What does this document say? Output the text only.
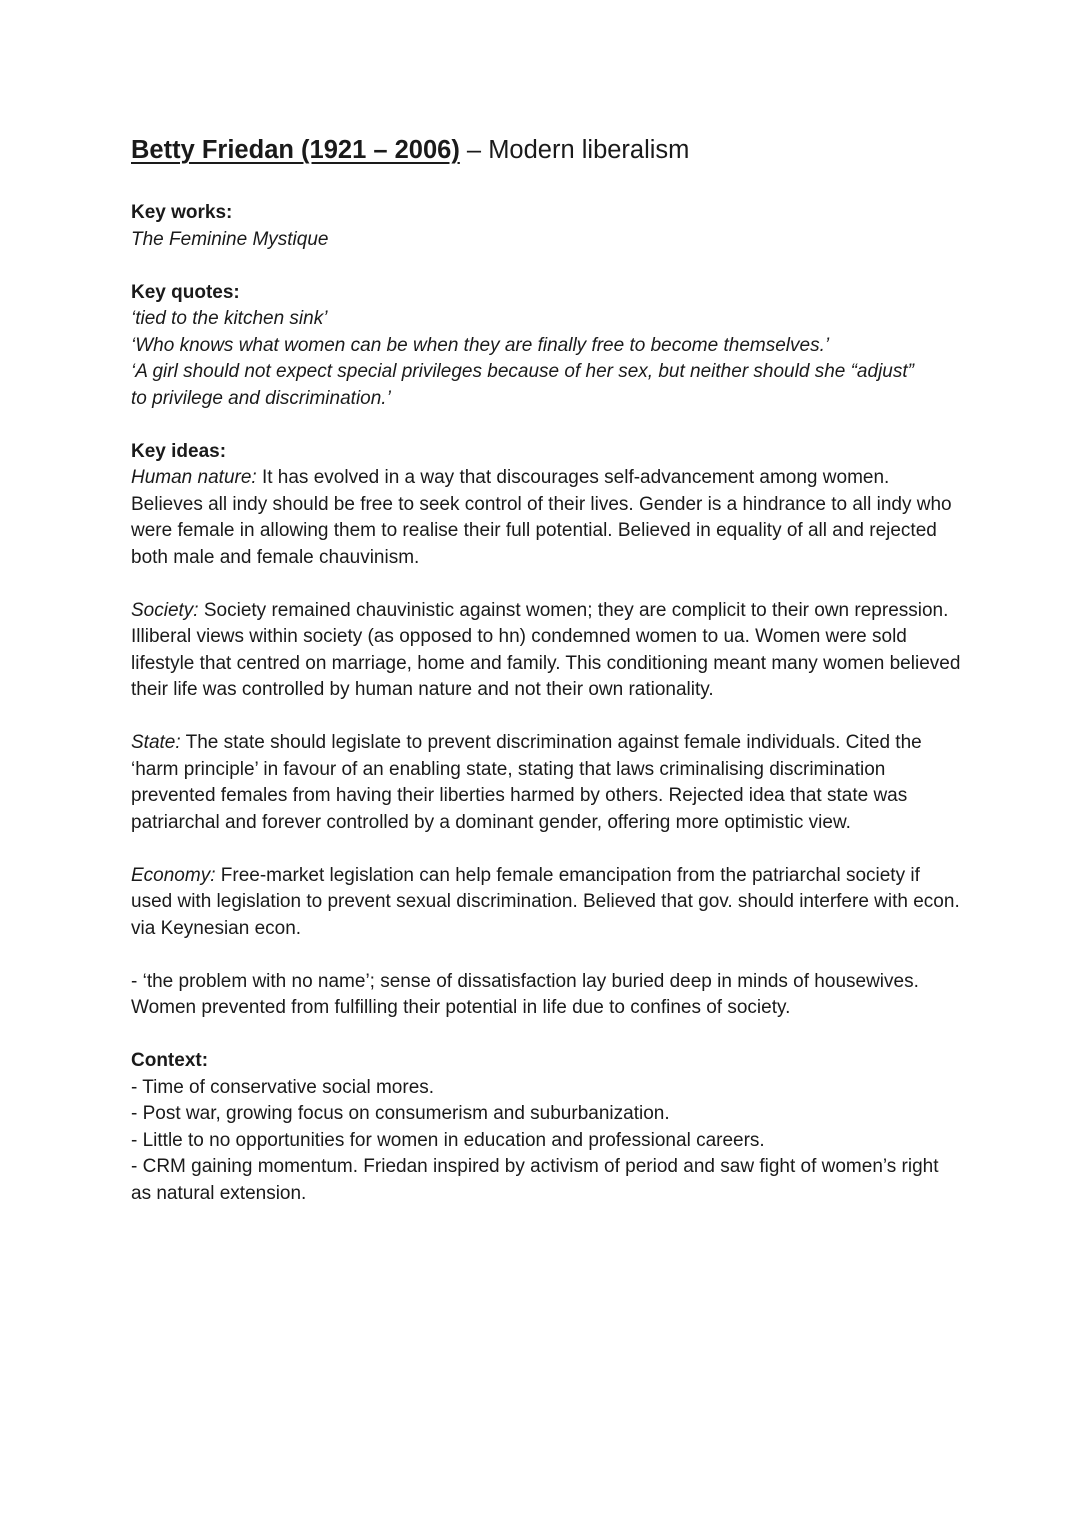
Betty Friedan (1921 – 2006) – Modern liberalism

Key works:

The Feminine Mystique

Key quotes:

‘tied to the kitchen sink’

‘Who knows what women can be when they are finally free to become themselves.’

‘A girl should not expect special privileges because of her sex, but neither should she “adjust”

to privilege and discrimination.’

Key ideas:

Human nature: It has evolved in a way that discourages self-advancement among women. Believes all indy should be free to seek control of their lives. Gender is a hindrance to all indy who were female in allowing them to realise their full potential. Believed in equality of all and rejected both male and female chauvinism.

Society: Society remained chauvinistic against women; they are complicit to their own repression. Illiberal views within society (as opposed to hn) condemned women to ua. Women were sold lifestyle that centred on marriage, home and family. This conditioning meant many women believed their life was controlled by human nature and not their own rationality.

State: The state should legislate to prevent discrimination against female individuals. Cited the ‘harm principle’ in favour of an enabling state, stating that laws criminalising discrimination prevented females from having their liberties harmed by others. Rejected idea that state was patriarchal and forever controlled by a dominant gender, offering more optimistic view.

Economy: Free-market legislation can help female emancipation from the patriarchal society if used with legislation to prevent sexual discrimination. Believed that gov. should interfere with econ. via Keynesian econ.

- ‘the problem with no name’; sense of dissatisfaction lay buried deep in minds of housewives. Women prevented from fulfilling their potential in life due to confines of society.

Context:

- Time of conservative social mores.

- Post war, growing focus on consumerism and suburbanization.

- Little to no opportunities for women in education and professional careers.

- CRM gaining momentum. Friedan inspired by activism of period and saw fight of women’s right as natural extension.
